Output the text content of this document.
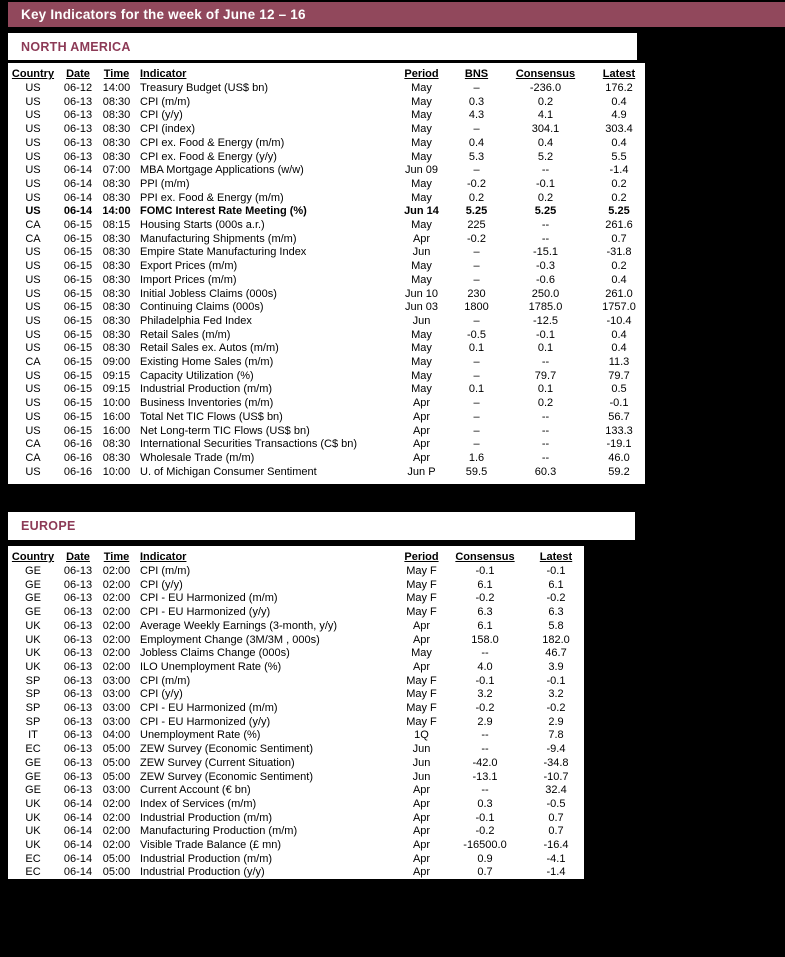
Key Indicators for the week of June 12 – 16
NORTH AMERICA
Country	Date	Time	Indicator	Period	BNS	Consensus	Latest
US	06-12	14:00	Treasury Budget (US$ bn)	May	–	-236.0	176.2
US	06-13	08:30	CPI (m/m)	May	0.3	0.2	0.4
US	06-13	08:30	CPI (y/y)	May	4.3	4.1	4.9
US	06-13	08:30	CPI (index)	May	–	304.1	303.4
US	06-13	08:30	CPI ex. Food & Energy (m/m)	May	0.4	0.4	0.4
US	06-13	08:30	CPI ex. Food & Energy (y/y)	May	5.3	5.2	5.5
US	06-14	07:00	MBA Mortgage Applications (w/w)	Jun 09	–	--	-1.4
US	06-14	08:30	PPI (m/m)	May	-0.2	-0.1	0.2
US	06-14	08:30	PPI ex. Food & Energy (m/m)	May	0.2	0.2	0.2
US	06-14	14:00	FOMC Interest Rate Meeting (%)	Jun 14	5.25	5.25	5.25
CA	06-15	08:15	Housing Starts (000s a.r.)	May	225	--	261.6
CA	06-15	08:30	Manufacturing Shipments (m/m)	Apr	-0.2	--	0.7
US	06-15	08:30	Empire State Manufacturing Index	Jun	–	-15.1	-31.8
US	06-15	08:30	Export Prices (m/m)	May	–	-0.3	0.2
US	06-15	08:30	Import Prices (m/m)	May	–	-0.6	0.4
US	06-15	08:30	Initial Jobless Claims (000s)	Jun 10	230	250.0	261.0
US	06-15	08:30	Continuing Claims (000s)	Jun 03	1800	1785.0	1757.0
US	06-15	08:30	Philadelphia Fed Index	Jun	–	-12.5	-10.4
US	06-15	08:30	Retail Sales (m/m)	May	-0.5	-0.1	0.4
US	06-15	08:30	Retail Sales ex. Autos (m/m)	May	0.1	0.1	0.4
CA	06-15	09:00	Existing Home Sales (m/m)	May	–	--	11.3
US	06-15	09:15	Capacity Utilization (%)	May	–	79.7	79.7
US	06-15	09:15	Industrial Production (m/m)	May	0.1	0.1	0.5
US	06-15	10:00	Business Inventories (m/m)	Apr	–	0.2	-0.1
US	06-15	16:00	Total Net TIC Flows (US$ bn)	Apr	–	--	56.7
US	06-15	16:00	Net Long-term TIC Flows (US$ bn)	Apr	–	--	133.3
CA	06-16	08:30	International Securities Transactions (C$ bn)	Apr	–	--	-19.1
CA	06-16	08:30	Wholesale Trade (m/m)	Apr	1.6	--	46.0
US	06-16	10:00	U. of Michigan Consumer Sentiment	Jun P	59.5	60.3	59.2
EUROPE
Country	Date	Time	Indicator	Period	Consensus	Latest
GE	06-13	02:00	CPI (m/m)	May F	-0.1	-0.1
GE	06-13	02:00	CPI (y/y)	May F	6.1	6.1
GE	06-13	02:00	CPI - EU Harmonized (m/m)	May F	-0.2	-0.2
GE	06-13	02:00	CPI - EU Harmonized (y/y)	May F	6.3	6.3
UK	06-13	02:00	Average Weekly Earnings (3-month, y/y)	Apr	6.1	5.8
UK	06-13	02:00	Employment Change (3M/3M , 000s)	Apr	158.0	182.0
UK	06-13	02:00	Jobless Claims Change (000s)	May	--	46.7
UK	06-13	02:00	ILO Unemployment Rate (%)	Apr	4.0	3.9
SP	06-13	03:00	CPI (m/m)	May F	-0.1	-0.1
SP	06-13	03:00	CPI (y/y)	May F	3.2	3.2
SP	06-13	03:00	CPI - EU Harmonized (m/m)	May F	-0.2	-0.2
SP	06-13	03:00	CPI - EU Harmonized (y/y)	May F	2.9	2.9
IT	06-13	04:00	Unemployment Rate (%)	1Q	--	7.8
EC	06-13	05:00	ZEW Survey (Economic Sentiment)	Jun	--	-9.4
GE	06-13	05:00	ZEW Survey (Current Situation)	Jun	-42.0	-34.8
GE	06-13	05:00	ZEW Survey (Economic Sentiment)	Jun	-13.1	-10.7
GE	06-13	03:00	Current Account (€ bn)	Apr	--	32.4
UK	06-14	02:00	Index of Services (m/m)	Apr	0.3	-0.5
UK	06-14	02:00	Industrial Production (m/m)	Apr	-0.1	0.7
UK	06-14	02:00	Manufacturing Production (m/m)	Apr	-0.2	0.7
UK	06-14	02:00	Visible Trade Balance (£ mn)	Apr	-16500.0	-16.4
EC	06-14	05:00	Industrial Production (m/m)	Apr	0.9	-4.1
EC	06-14	05:00	Industrial Production (y/y)	Apr	0.7	-1.4
